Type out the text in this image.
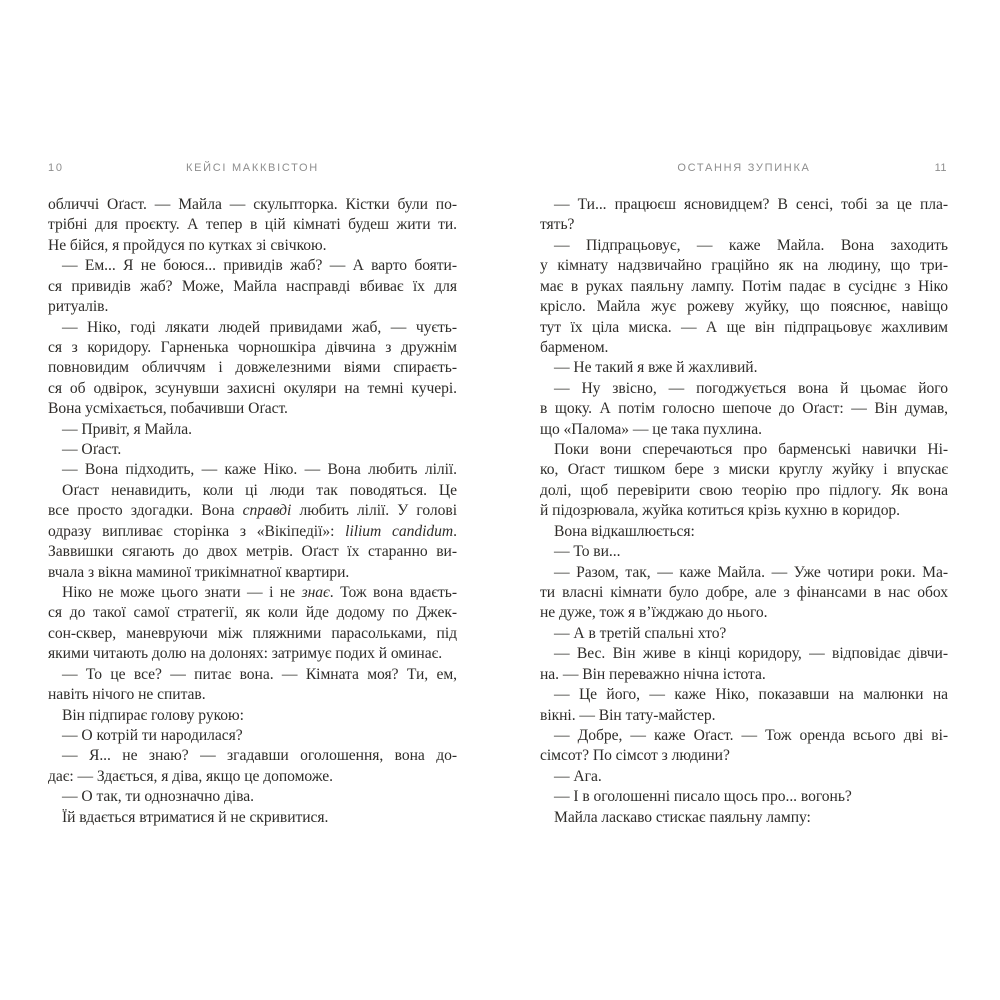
10	КЕЙСІ МАККВІСТОН	ОСТАННЯ ЗУПИНКА	11
обличчі Оґаст. — Майла — скульпторка. Кістки були по-
трібні для проєкту. А тепер в цій кімнаті будеш жити ти.
Не бійся, я пройдуся по кутках зі свічкою.
— Ем... Я не боюся... привидів жаб? — А варто бояти-
ся привидів жаб? Може, Майла насправді вбиває їх для
ритуалів.
— Ніко, годі лякати людей привидами жаб, — чуєть-
ся з коридору. Гарненька чорношкіра дівчина з дружнім
повновидим обличчям і довжелезними віями спираєть-
ся об одвірок, зсунувши захисні окуляри на темні кучері.
Вона усміхається, побачивши Оґаст.
— Привіт, я Майла.
— Оґаст.
— Вона підходить, — каже Ніко. — Вона любить лілії.
Оґаст ненавидить, коли ці люди так поводяться. Це
все просто здогадки. Вона справді любить лілії. У голові
одразу випливає сторінка з «Вікіпедії»: lilium candidum.
Заввишки сягають до двох метрів. Оґаст їх старанно ви-
вчала з вікна маминої трикімнатної квартири.
Ніко не може цього знати — і не знає. Тож вона вдаєть-
ся до такої самої стратегії, як коли йде додому по Джек-
сон-сквер, маневруючи між пляжними парасольками, під
якими читають долю на долонях: затримує подих й оминає.
— То це все? — питає вона. — Кімната моя? Ти, ем,
навіть нічого не спитав.
Він підпирає голову рукою:
— О котрій ти народилася?
— Я... не знаю? — згадавши оголошення, вона до-
дає: — Здається, я діва, якщо це допоможе.
— О так, ти однозначно діва.
Їй вдається втриматися й не скривитися.
— Ти... працюєш ясновидцем? В сенсі, тобі за це пла-
тять?
— Підпрацьовує, — каже Майла. Вона заходить
у кімнату надзвичайно граційно як на людину, що три-
має в руках паяльну лампу. Потім падає в сусіднє з Ніко
крісло. Майла жує рожеву жуйку, що пояснює, навіщо
тут їх ціла миска. — А ще він підпрацьовує жахливим
барменом.
— Не такий я вже й жахливий.
— Ну звісно, — погоджується вона й цьомає його
в щоку. А потім голосно шепоче до Оґаст: — Він думав,
що «Палома» — це така пухлина.
Поки вони сперечаються про барменські навички Ні-
ко, Оґаст тишком бере з миски круглу жуйку і впускає
долі, щоб перевірити свою теорію про підлогу. Як вона
й підозрювала, жуйка котиться крізь кухню в коридор.
Вона відкашлюється:
— То ви...
— Разом, так, — каже Майла. — Уже чотири роки. Ма-
ти власні кімнати було добре, але з фінансами в нас обох
не дуже, тож я в’їжджаю до нього.
— А в третій спальні хто?
— Вес. Він живе в кінці коридору, — відповідає дівчи-
на. — Він переважно нічна істота.
— Це його, — каже Ніко, показавши на малюнки на
вікні. — Він тату-майстер.
— Добре, — каже Оґаст. — Тож оренда всього дві ві-
сімсот? По сімсот з людини?
— Ага.
— І в оголошенні писало щось про... вогонь?
Майла ласкаво стискає паяльну лампу:
